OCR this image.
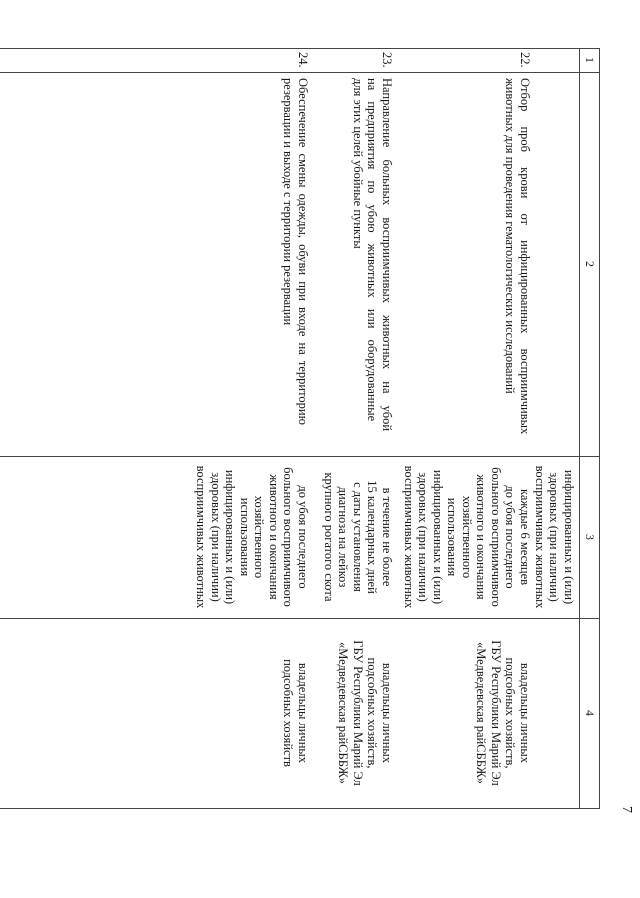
7
1
2
3
4
инфицированных и (или)
здоровых (при наличии)
восприимчивых животных
22.
Отбор проб крови от инфицированных восприимчивых
животных для проведения гематологических исследований
каждые 6 месяцев
до убоя последнего
больного восприимчивого
животного и окончания
хозяйственного
использования
инфицированных и (или)
здоровых (при наличии)
восприимчивых животных
владельцы личных
подсобных хозяйств,
ГБУ Республики Марий Эл
«Медведевская райСББЖ»
23.
Направление больных восприимчивых животных на убой
на предприятия по убою животных или оборудованные
для этих целей убойные пункты
в течение не более
15 календарных дней
с даты установления
диагноза на лейкоз
крупного рогатого скота
владельцы личных
подсобных хозяйств,
ГБУ Республики Марий Эл
«Медведевская райСББЖ»
24.
Обеспечение смены одежды, обуви при входе на территорию
резервации и выходе с территории резервации
до убоя последнего
больного восприимчивого
животного и окончания
хозяйственного
использования
инфицированных и (или)
здоровых (при наличии)
восприимчивых животных
владельцы личных
подсобных хозяйств
